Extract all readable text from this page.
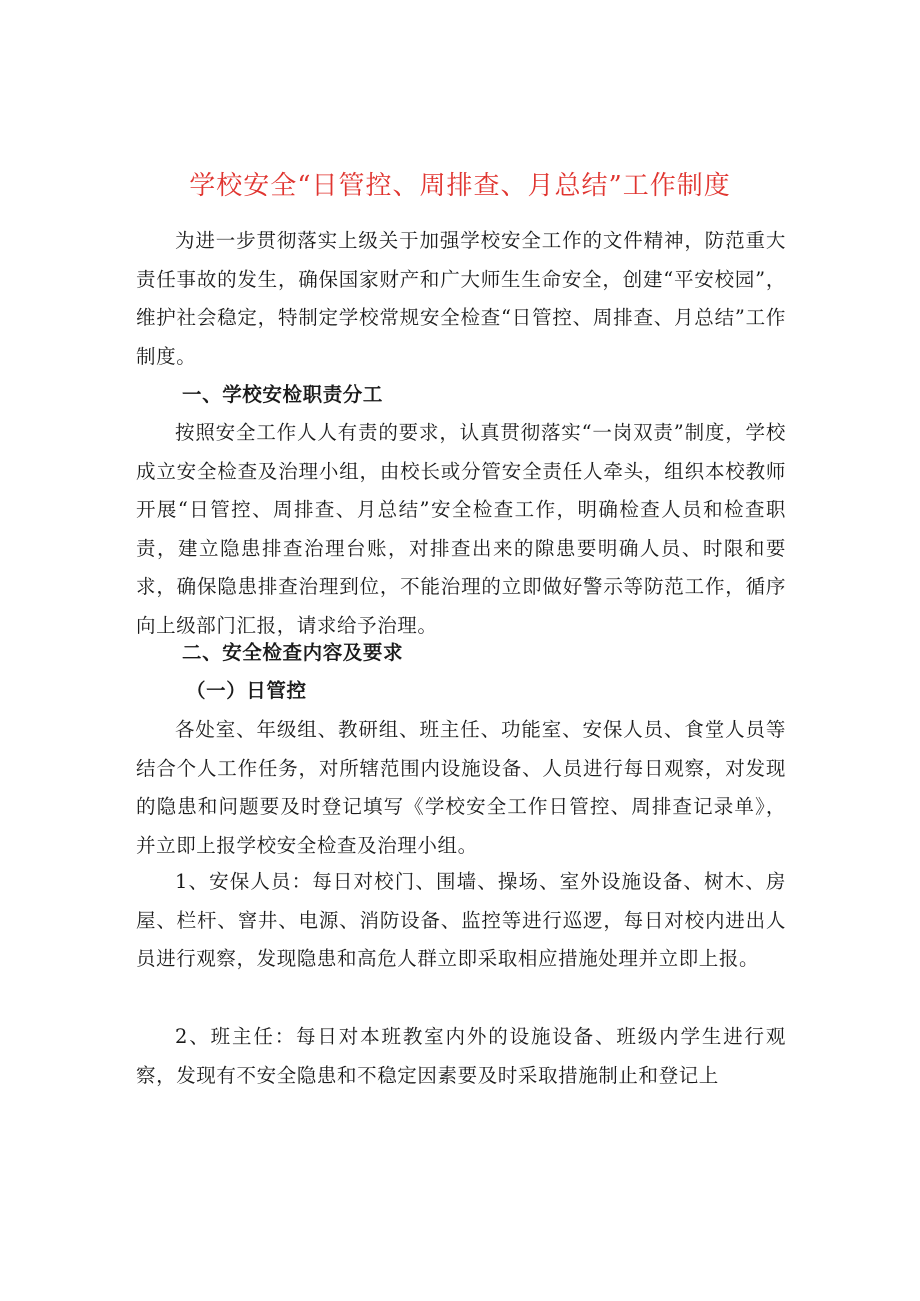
学校安全“日管控、周排查、月总结”工作制度
为进一步贯彻落实上级关于加强学校安全工作的文件精神，防范重大责任事故的发生，确保国家财产和广大师生生命安全，创建“平安校园”，维护社会稳定，特制定学校常规安全检查“日管控、周排查、月总结”工作制度。
一、学校安检职责分工
按照安全工作人人有责的要求，认真贯彻落实“一岗双责”制度，学校成立安全检查及治理小组，由校长或分管安全责任人牵头，组织本校教师开展“日管控、周排查、月总结”安全检查工作，明确检查人员和检查职责，建立隐患排查治理台账，对排查出来的隙患要明确人员、时限和要求，确保隐患排查治理到位，不能治理的立即做好警示等防范工作，循序向上级部门汇报，请求给予治理。
二、安全检查内容及要求
（一）日管控
各处室、年级组、教研组、班主任、功能室、安保人员、食堂人员等结合个人工作任务，对所辖范围内设施设备、人员进行每日观察，对发现的隐患和问题要及时登记填写《学校安全工作日管控、周排查记录单》，并立即上报学校安全检查及治理小组。
1、安保人员：每日对校门、围墙、操场、室外设施设备、树木、房屋、栏杆、窨井、电源、消防设备、监控等进行巡逻，每日对校内进出人员进行观察，发现隐患和高危人群立即采取相应措施处理并立即上报。
2、班主任：每日对本班教室内外的设施设备、班级内学生进行观察，发现有不安全隐患和不稳定因素要及时采取措施制止和登记上
